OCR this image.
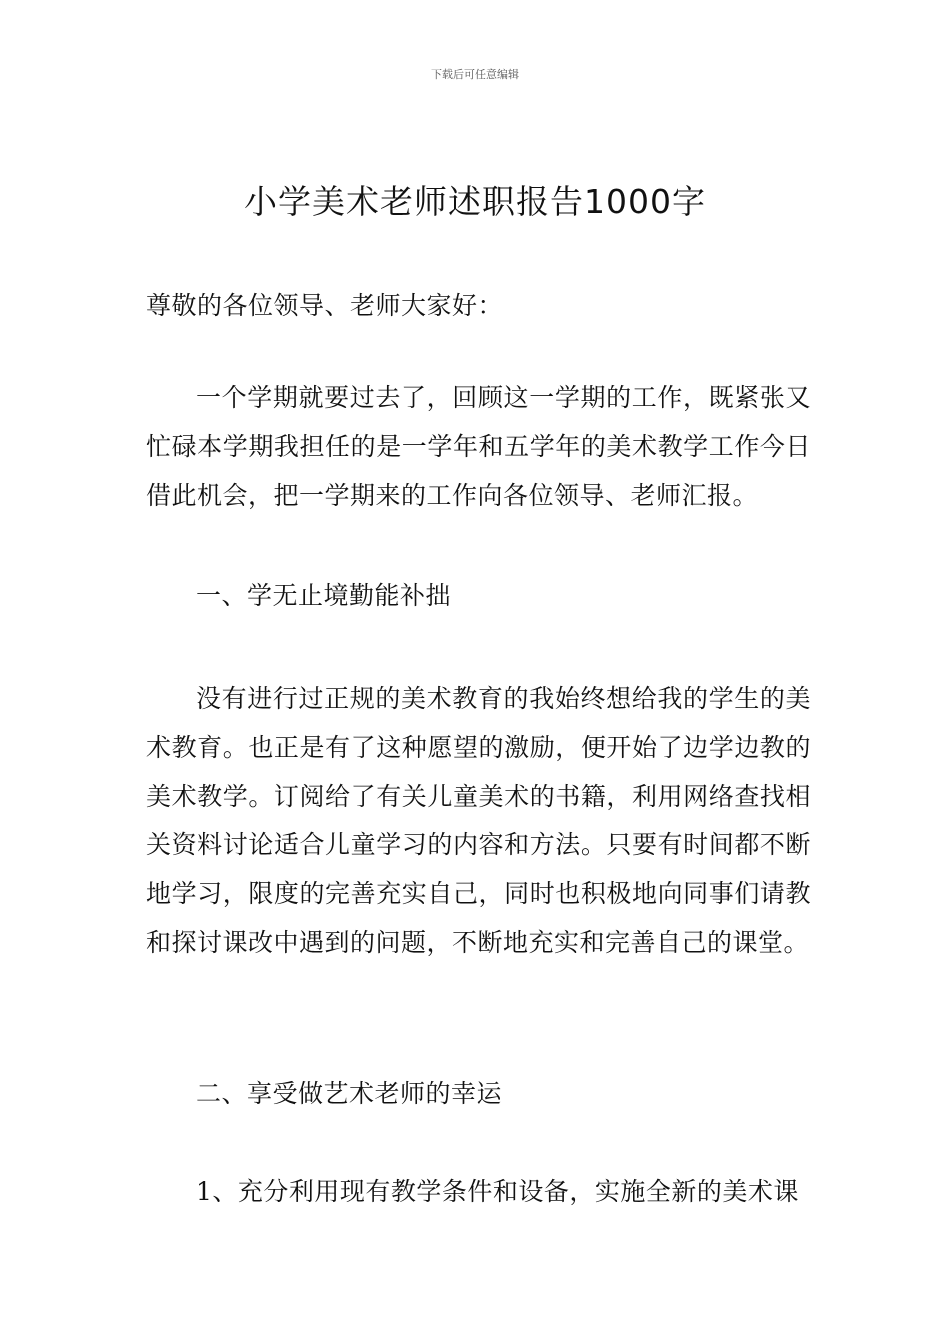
下载后可任意编辑
小学美术老师述职报告1000字
尊敬的各位领导、老师大家好：
一个学期就要过去了，回顾这一学期的工作，既紧张又忙碌本学期我担任的是一学年和五学年的美术教学工作今日借此机会，把一学期来的工作向各位领导、老师汇报。
一、学无止境勤能补拙
没有进行过正规的美术教育的我始终想给我的学生的美术教育。也正是有了这种愿望的激励，便开始了边学边教的美术教学。订阅给了有关儿童美术的书籍，利用网络查找相关资料讨论适合儿童学习的内容和方法。只要有时间都不断地学习，限度的完善充实自己，同时也积极地向同事们请教和探讨课改中遇到的问题，不断地充实和完善自己的课堂。
二、享受做艺术老师的幸运
1、充分利用现有教学条件和设备，实施全新的美术课
